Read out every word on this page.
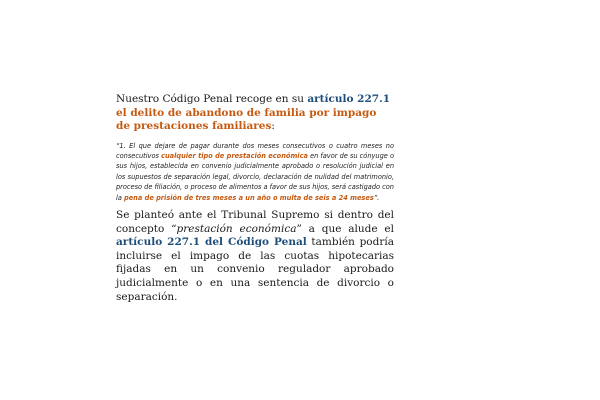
Nuestro Código Penal recoge en su artículo 227.1 el delito de abandono de familia por impago de prestaciones familiares:

“1. El que dejare de pagar durante dos meses consecutivos o cuatro meses no consecutivos cualquier tipo de prestación económica en favor de su cónyuge o sus hijos, establecida en convenio judicialmente aprobado o resolución judicial en los supuestos de separación legal, divorcio, declaración de nulidad del matrimonio, proceso de filiación, o proceso de alimentos a favor de sus hijos, será castigado con la pena de prisión de tres meses a un año o multa de seis a 24 meses”.

Se planteó ante el Tribunal Supremo si dentro del concepto “prestación económica” a que alude el artículo 227.1 del Código Penal también podría incluirse el impago de las cuotas hipotecarias fijadas en un convenio regulador aprobado judicialmente o en una sentencia de divorcio o separación.
